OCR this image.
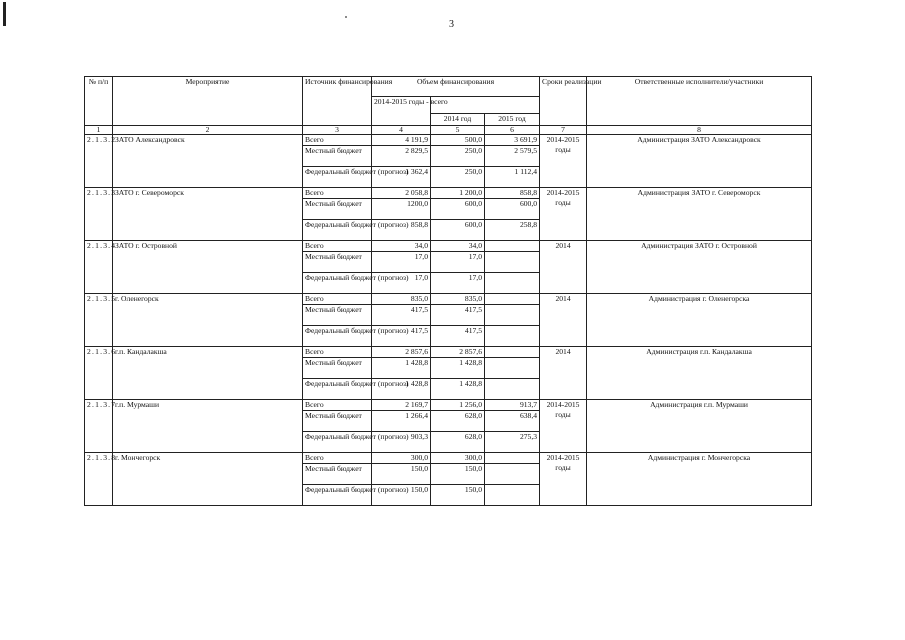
3
№ п/п	Мероприятие	Источник финансирования	Объем финансирования			Сроки реализации	Ответственные исполнители/участники
			2014-2015 годы - всего				
				2014 год	2015 год		
1	2	3	4	5	6	7	8
2.1.3.2	ЗАТО Александровск	Всего	4 191,9	500,0	3 691,9	2014-2015 годы	Администрация ЗАТО Александровск
		Местный бюджет	2 829,5	250,0	2 579,5		
		Федеральный бюджет (прогноз)	1 362,4	250,0	1 112,4		
2.1.3.3	ЗАТО г. Североморск	Всего	2 058,8	1 200,0	858,8	2014-2015 годы	Администрация ЗАТО г. Североморск
		Местный бюджет	1200,0	600,0	600,0		
		Федеральный бюджет (прогноз)	858,8	600,0	258,8		
2.1.3.4	ЗАТО г. Островной	Всего	34,0	34,0		2014	Администрация ЗАТО г. Островной
		Местный бюджет	17,0	17,0			
		Федеральный бюджет (прогноз)	17,0	17,0			
2.1.3.5	г. Оленегорск	Всего	835,0	835,0		2014	Администрация г. Оленегорска
		Местный бюджет	417,5	417,5			
		Федеральный бюджет (прогноз)	417,5	417,5			
2.1.3.6	г.п. Кандалакша	Всего	2 857,6	2 857,6		2014	Администрация г.п. Кандалакша
		Местный бюджет	1 428,8	1 428,8			
		Федеральный бюджет (прогноз)	1 428,8	1 428,8			
2.1.3.7	г.п. Мурмаши	Всего	2 169,7	1 256,0	913,7	2014-2015 годы	Администрация г.п. Мурмаши
		Местный бюджет	1 266,4	628,0	638,4		
		Федеральный бюджет (прогноз)	903,3	628,0	275,3		
2.1.3.8	г. Мончегорск	Всего	300,0	300,0		2014-2015 годы	Администрация г. Мончегорска
		Местный бюджет	150,0	150,0			
		Федеральный бюджет (прогноз)	150,0	150,0			
